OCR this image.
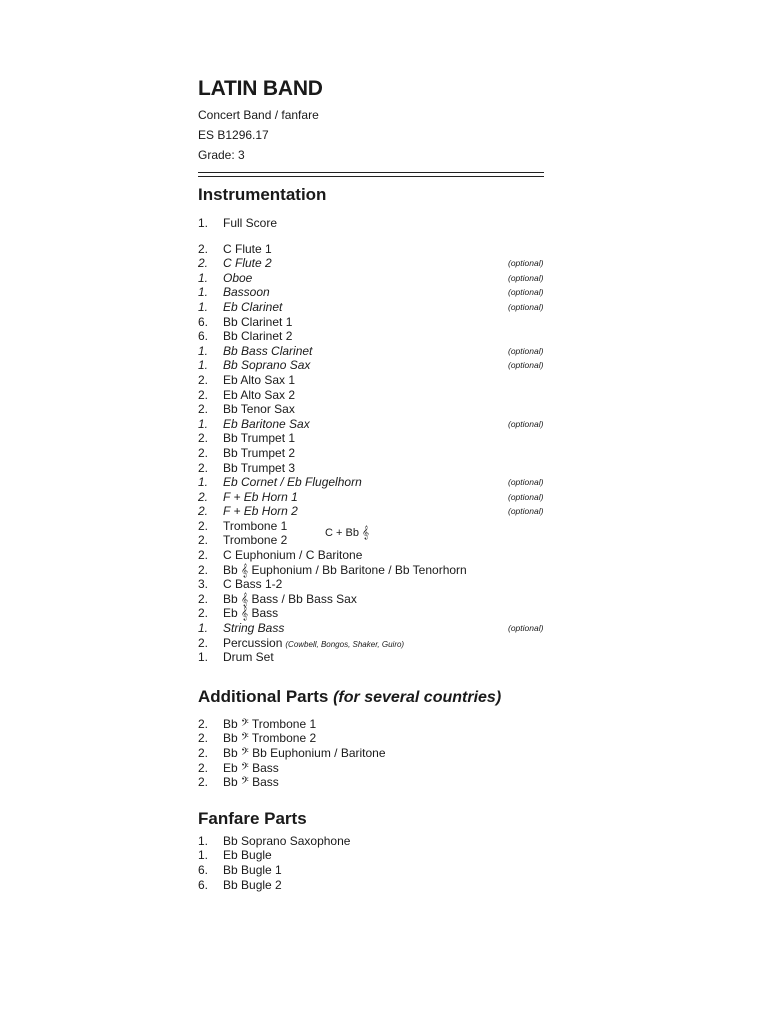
LATIN BAND

Concert Band / fanfare

ES B1296.17

Grade: 3

Instrumentation
1. Full Score
2. C Flute 1
2. C Flute 2	(optional)
1. Oboe	(optional)
1. Bassoon	(optional)
1. Eb Clarinet	(optional)
6. Bb Clarinet 1
6. Bb Clarinet 2
1. Bb Bass Clarinet	(optional)
1. Bb Soprano Sax	(optional)
2. Eb Alto Sax 1
2. Eb Alto Sax 2
2. Bb Tenor Sax
1. Eb Baritone Sax	(optional)
2. Bb Trumpet 1
2. Bb Trumpet 2
2. Bb Trumpet 3
1. Eb Cornet / Eb Flugelhorn	(optional)
2. F + Eb Horn 1	(optional)
2. F + Eb Horn 2	(optional)
2. Trombone 1	C + Bb 𝄞
2. Trombone 2
2. C Euphonium / C Baritone
2. Bb 𝄞 Euphonium / Bb Baritone / Bb Tenorhorn
3. C Bass 1-2
2. Bb 𝄞 Bass / Bb Bass Sax
2. Eb 𝄞 Bass
1. String Bass	(optional)
2. Percussion (Cowbell, Bongos, Shaker, Guiro)
1. Drum Set
Additional Parts (for several countries)
2. Bb 𝄢 Trombone 1
2. Bb 𝄢 Trombone 2
2. Bb 𝄢 Bb Euphonium / Baritone
2. Eb 𝄢 Bass
2. Bb 𝄢 Bass
Fanfare Parts
1. Bb Soprano Saxophone
1. Eb Bugle
6. Bb Bugle 1
6. Bb Bugle 2
